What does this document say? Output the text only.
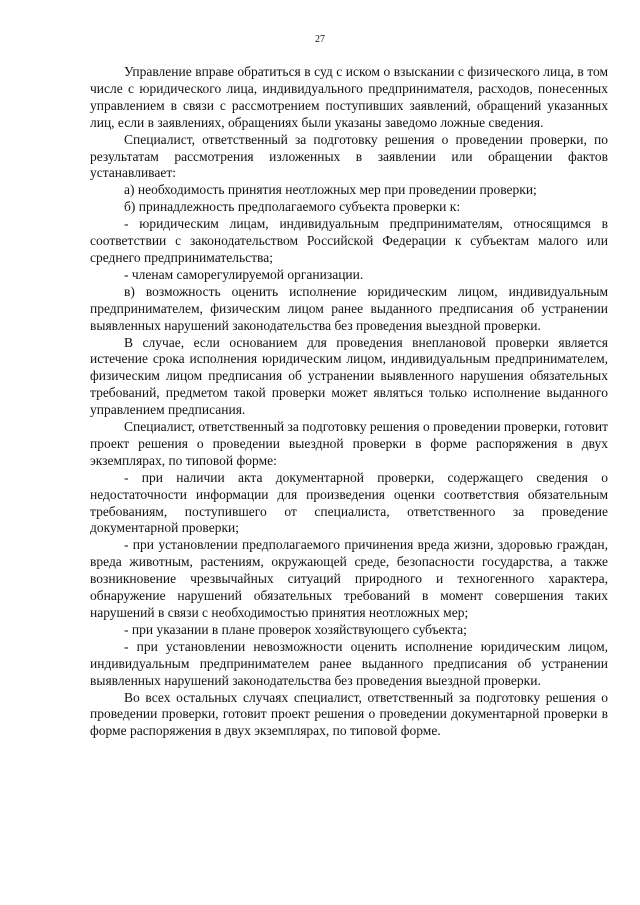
27

Управление вправе обратиться в суд с иском о взыскании с физического лица, в том числе с юридического лица, индивидуального предпринимателя, расходов, понесенных управлением в связи с рассмотрением поступивших заявлений, обращений указанных лиц, если в заявлениях, обращениях были указаны заведомо ложные сведения.

Специалист, ответственный за подготовку решения о проведении проверки, по результатам рассмотрения изложенных в заявлении или обращении фактов устанавливает:

а) необходимость принятия неотложных мер при проведении проверки;

б) принадлежность предполагаемого субъекта проверки к:

- юридическим лицам, индивидуальным предпринимателям, относящимся в соответствии с законодательством Российской Федерации к субъектам малого или среднего предпринимательства;

- членам саморегулируемой организации.

в) возможность оценить исполнение юридическим лицом, индивидуальным предпринимателем, физическим лицом ранее выданного предписания об устранении выявленных нарушений законодательства без проведения выездной проверки.

В случае, если основанием для проведения внеплановой проверки является истечение срока исполнения юридическим лицом, индивидуальным предпринимателем, физическим лицом предписания об устранении выявленного нарушения обязательных требований, предметом такой проверки может являться только исполнение выданного управлением предписания.

Специалист, ответственный за подготовку решения о проведении проверки, готовит проект решения о проведении выездной проверки в форме распоряжения в двух экземплярах, по типовой форме:

- при наличии акта документарной проверки, содержащего сведения о недостаточности информации для произведения оценки соответствия обязательным требованиям, поступившего от специалиста, ответственного за проведение документарной проверки;

- при установлении предполагаемого причинения вреда жизни, здоровью граждан, вреда животным, растениям, окружающей среде, безопасности государства, а также возникновение чрезвычайных ситуаций природного и техногенного характера, обнаружение нарушений обязательных требований в момент совершения таких нарушений в связи с необходимостью принятия неотложных мер;

- при указании в плане проверок хозяйствующего субъекта;

- при установлении невозможности оценить исполнение юридическим лицом, индивидуальным предпринимателем ранее выданного предписания об устранении выявленных нарушений законодательства без проведения выездной проверки.

Во всех остальных случаях специалист, ответственный за подготовку решения о проведении проверки, готовит проект решения о проведении документарной проверки в форме распоряжения в двух экземплярах, по типовой форме.
